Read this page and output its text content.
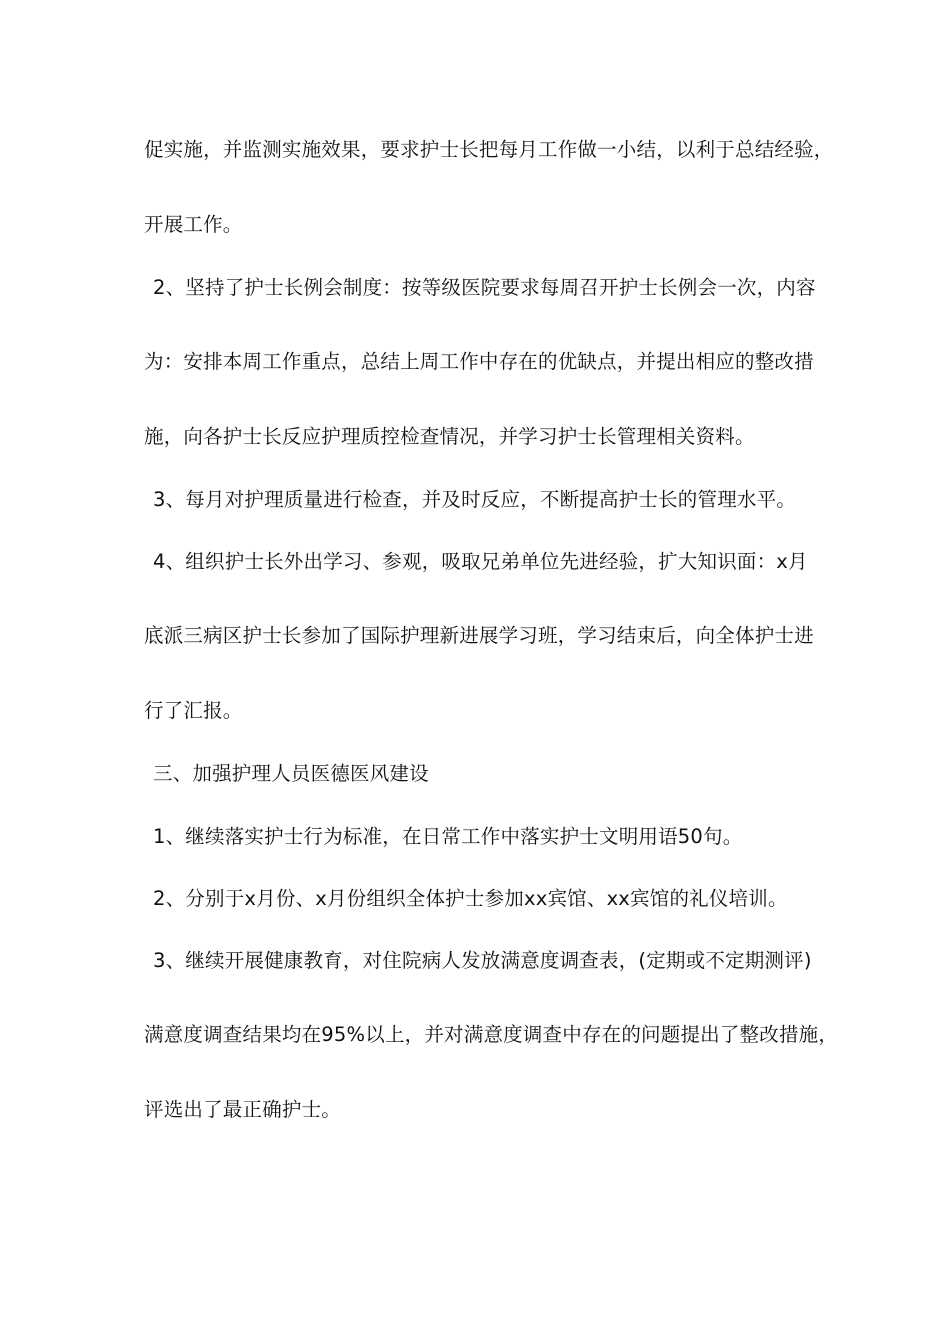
促实施，并监测实施效果，要求护士长把每月工作做一小结，以利于总结经验，
开展工作。
2、坚持了护士长例会制度：按等级医院要求每周召开护士长例会一次，内容
为：安排本周工作重点，总结上周工作中存在的优缺点，并提出相应的整改措
施，向各护士长反应护理质控检查情况，并学习护士长管理相关资料。
3、每月对护理质量进行检查，并及时反应，不断提高护士长的管理水平。
4、组织护士长外出学习、参观，吸取兄弟单位先进经验，扩大知识面：x月
底派三病区护士长参加了国际护理新进展学习班，学习结束后，向全体护士进
行了汇报。
三、加强护理人员医德医风建设
1、继续落实护士行为标准，在日常工作中落实护士文明用语50句。
2、分别于x月份、x月份组织全体护士参加xx宾馆、xx宾馆的礼仪培训。
3、继续开展健康教育，对住院病人发放满意度调查表，(定期或不定期测评)
满意度调查结果均在95%以上，并对满意度调查中存在的问题提出了整改措施，
评选出了最正确护士。
